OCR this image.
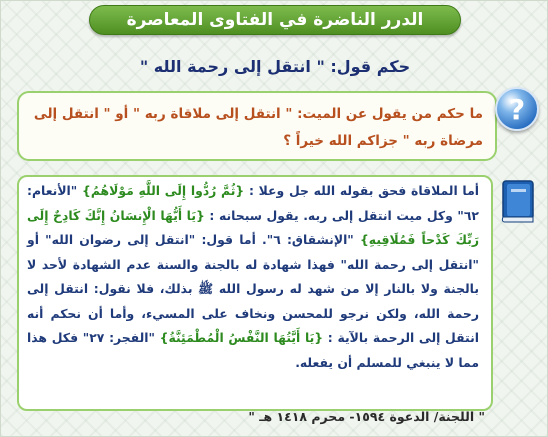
الدرر الناضرة في الفتاوى المعاصرة
حكم قول: " انتقل إلى رحمة الله "
ما حكم من يقول عن الميت: " انتقل إلى ملاقاة ربه " أو " انتقل إلى مرضاة ربه " جزاكم الله خيراً ؟
?
أما الملاقاة فحق بقوله الله جل وعلا : {ثُمَّ رُدُّوا إِلَى اللَّهِ مَوْلَاهُمُ} "الأنعام: ٦٢" وكل ميت انتقل إلى ربه. يقول سبحانه : {يَا أَيُّهَا الْإِنسَانُ إِنَّكَ كَادِحٌ إِلَى رَبِّكَ كَدْحاً فَمُلَاقِيهِ} "الإنشقاق: ٦". أما قول: "انتقل إلى رضوان الله" أو "انتقل إلى رحمة الله" فهذا شهادة له بالجنة والسنة عدم الشهادة لأحد لا بالجنة ولا بالنار إلا من شهد له رسول الله ﷺ بذلك، فلا نقول: انتقل إلى رحمة الله، ولكن نرجو للمحسن ونخاف على المسيء، وأما أن نحكم أنه انتقل إلى الرحمة بالآية : {يَا أَيَّتُهَا النَّفْسُ الْمُطْمَئِنَّةُ} "الفجر: ٢٧" فكل هذا مما لا ينبغي للمسلم أن يفعله.
" اللجنة/ الدعوة ١٥٩٤- محرم ١٤١٨ هـ "
